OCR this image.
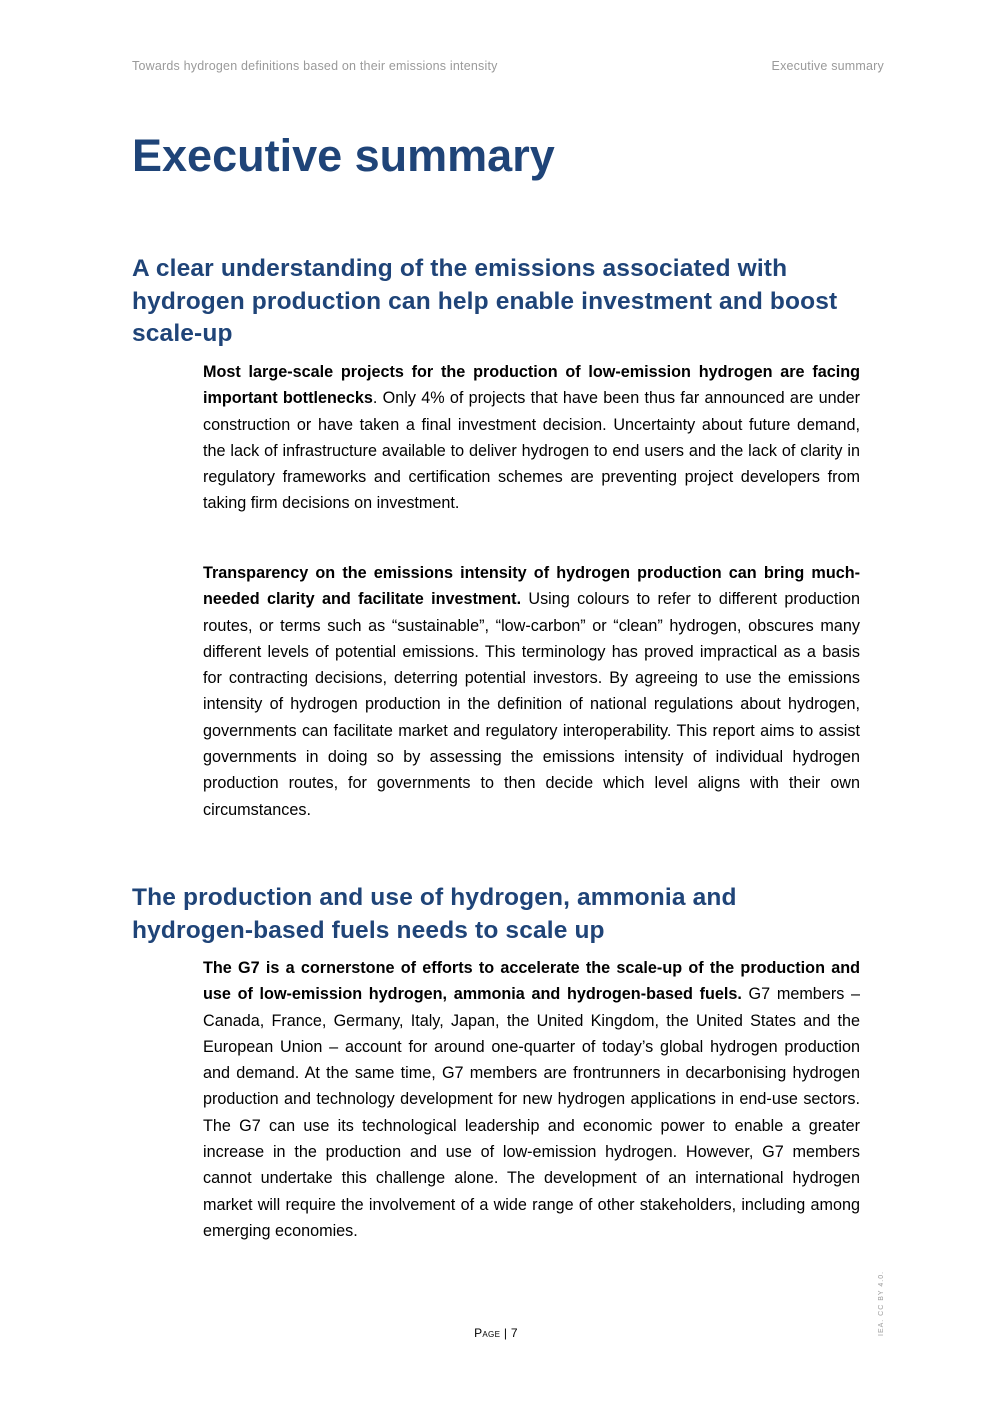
Towards hydrogen definitions based on their emissions intensity	Executive summary
Executive summary
A clear understanding of the emissions associated with hydrogen production can help enable investment and boost scale-up

Most large-scale projects for the production of low-emission hydrogen are facing important bottlenecks. Only 4% of projects that have been thus far announced are under construction or have taken a final investment decision. Uncertainty about future demand, the lack of infrastructure available to deliver hydrogen to end users and the lack of clarity in regulatory frameworks and certification schemes are preventing project developers from taking firm decisions on investment.

Transparency on the emissions intensity of hydrogen production can bring much-needed clarity and facilitate investment. Using colours to refer to different production routes, or terms such as “sustainable”, “low-carbon” or “clean” hydrogen, obscures many different levels of potential emissions. This terminology has proved impractical as a basis for contracting decisions, deterring potential investors. By agreeing to use the emissions intensity of hydrogen production in the definition of national regulations about hydrogen, governments can facilitate market and regulatory interoperability. This report aims to assist governments in doing so by assessing the emissions intensity of individual hydrogen production routes, for governments to then decide which level aligns with their own circumstances.

The production and use of hydrogen, ammonia and hydrogen-based fuels needs to scale up

The G7 is a cornerstone of efforts to accelerate the scale-up of the production and use of low-emission hydrogen, ammonia and hydrogen-based fuels. G7 members – Canada, France, Germany, Italy, Japan, the United Kingdom, the United States and the European Union – account for around one-quarter of today’s global hydrogen production and demand. At the same time, G7 members are frontrunners in decarbonising hydrogen production and technology development for new hydrogen applications in end-use sectors. The G7 can use its technological leadership and economic power to enable a greater increase in the production and use of low-emission hydrogen. However, G7 members cannot undertake this challenge alone. The development of an international hydrogen market will require the involvement of a wide range of other stakeholders, including among emerging economies.

Page | 7	IEA. CC BY 4.0.
